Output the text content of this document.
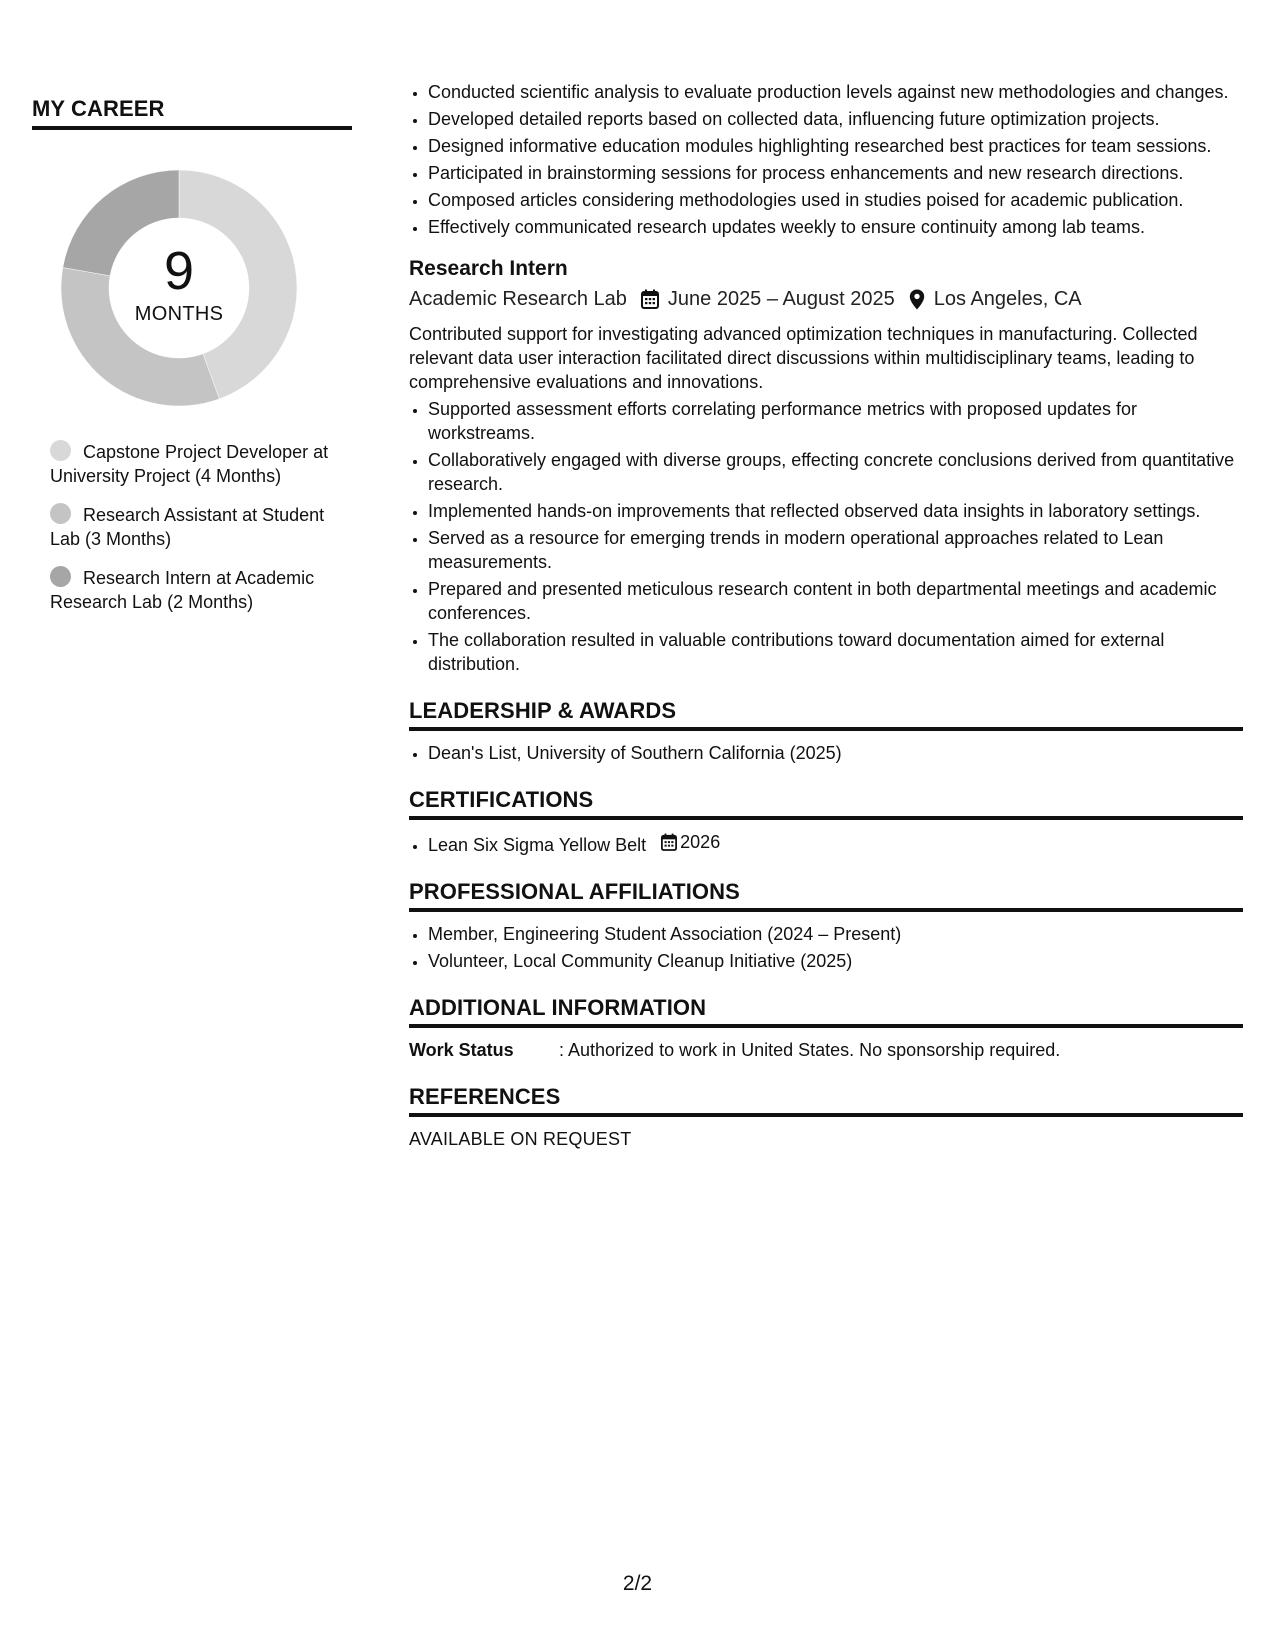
MY CAREER
9
MONTHS
Capstone Project Developer at University Project (4 Months)
Research Assistant at Student Lab (3 Months)
Research Intern at Academic Research Lab (2 Months)
• Conducted scientific analysis to evaluate production levels against new methodologies and changes.
• Developed detailed reports based on collected data, influencing future optimization projects.
• Designed informative education modules highlighting researched best practices for team sessions.
• Participated in brainstorming sessions for process enhancements and new research directions.
• Composed articles considering methodologies used in studies poised for academic publication.
• Effectively communicated research updates weekly to ensure continuity among lab teams.
Research Intern
Academic Research Lab June 2025 – August 2025 Los Angeles, CA
Contributed support for investigating advanced optimization techniques in manufacturing. Collected relevant data user interaction facilitated direct discussions within multidisciplinary teams, leading to comprehensive evaluations and innovations.
• Supported assessment efforts correlating performance metrics with proposed updates for workstreams.
• Collaboratively engaged with diverse groups, effecting concrete conclusions derived from quantitative research.
• Implemented hands-on improvements that reflected observed data insights in laboratory settings.
• Served as a resource for emerging trends in modern operational approaches related to Lean measurements.
• Prepared and presented meticulous research content in both departmental meetings and academic conferences.
• The collaboration resulted in valuable contributions toward documentation aimed for external distribution.
LEADERSHIP & AWARDS
• Dean's List, University of Southern California (2025)
CERTIFICATIONS
• Lean Six Sigma Yellow Belt 2026
PROFESSIONAL AFFILIATIONS
• Member, Engineering Student Association (2024 – Present)
• Volunteer, Local Community Cleanup Initiative (2025)
ADDITIONAL INFORMATION
Work Status	: Authorized to work in United States. No sponsorship required.
REFERENCES
AVAILABLE ON REQUEST
2/2
